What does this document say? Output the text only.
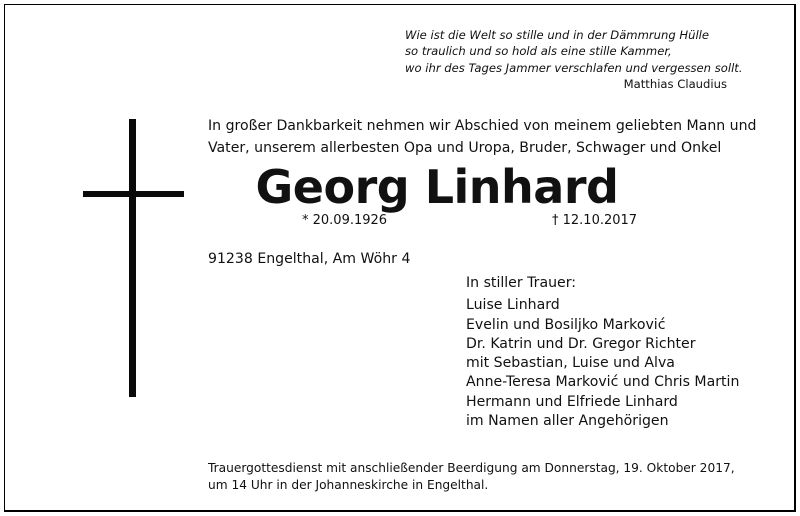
Wie ist die Welt so stille und in der Dämmrung Hülle
so traulich und so hold als eine stille Kammer,
wo ihr des Tages Jammer verschlafen und vergessen sollt.
Matthias Claudius
In großer Dankbarkeit nehmen wir Abschied von meinem geliebten Mann und
Vater, unserem allerbesten Opa und Uropa, Bruder, Schwager und Onkel
Georg Linhard
* 20.09.1926	† 12.10.2017
91238 Engelthal, Am Wöhr 4
In stiller Trauer:
Luise Linhard
Evelin und Bosiljko Marković
Dr. Katrin und Dr. Gregor Richter
mit Sebastian, Luise und Alva
Anne-Teresa Marković und Chris Martin
Hermann und Elfriede Linhard
im Namen aller Angehörigen
Trauergottesdienst mit anschließender Beerdigung am Donnerstag, 19. Oktober 2017,
um 14 Uhr in der Johanneskirche in Engelthal.
